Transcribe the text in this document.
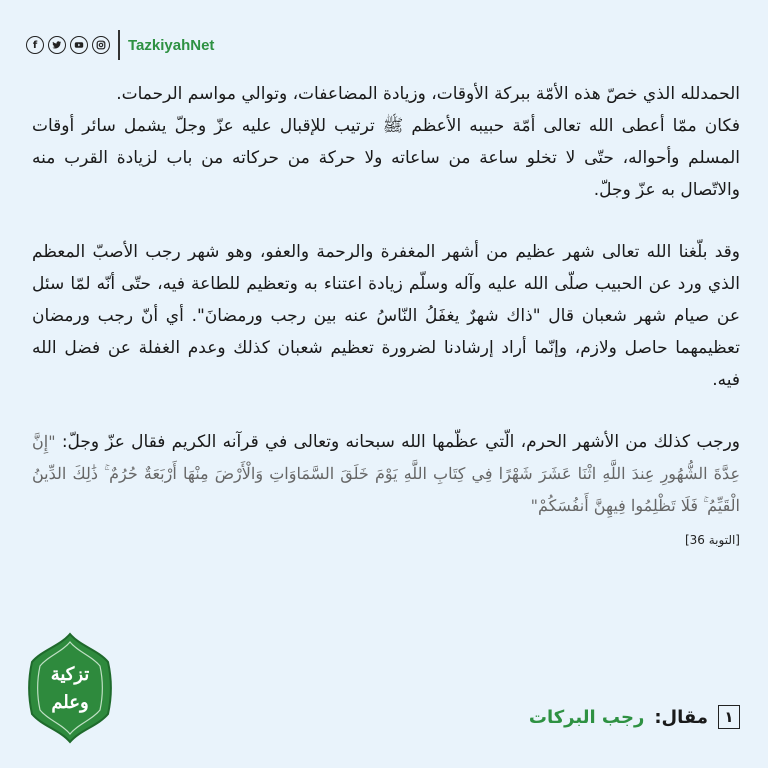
f	TazkiyahNet

الحمدلله الذي خصّ هذه الأمّة ببركة الأوقات، وزيادة المضاعفات، وتوالي مواسم الرحمات.

فكان ممّا أعطى الله تعالى أمّة حبيبه الأعظم ﷺ ترتيب للإقبال عليه عزّ وجلّ يشمل سائر أوقات المسلم وأحواله، حتّى لا تخلو ساعة من ساعاته ولا حركة من حركاته من باب لزيادة القرب منه والاتّصال به عزّ وجلّ.

وقد بلّغنا الله تعالى شهر عظيم من أشهر المغفرة والرحمة والعفو، وهو شهر رجب الأصبّ المعظم الذي ورد عن الحبيب صلّى الله عليه وآله وسلّم زيادة اعتناء به وتعظيم للطاعة فيه، حتّى أنّه لمّا سئل عن صيام شهر شعبان قال "ذاك شهرٌ يغفَلُ النّاسُ عنه بين رجب ورمضانَ". أي أنّ رجب ورمضان تعظيمهما حاصل ولازم، وإنّما أراد إرشادنا لضرورة تعظيم شعبان كذلك وعدم الغفلة عن فضل الله فيه.

ورجب كذلك من الأشهر الحرم، الّتي عظّمها الله سبحانه وتعالى في قرآنه الكريم فقال عزّ وجلّ: "إِنَّ عِدَّةَ الشُّهُورِ عِندَ اللَّهِ اثْنَا عَشَرَ شَهْرًا فِي كِتَابِ اللَّهِ يَوْمَ خَلَقَ السَّمَاوَاتِ وَالْأَرْضَ مِنْهَا أَرْبَعَةٌ حُرُمٌ ۚ ذَٰلِكَ الدِّينُ الْقَيِّمُ ۚ فَلَا تَظْلِمُوا فِيهِنَّ أَنفُسَكُمْ"

[التوبة 36]
تزكية
وعلم
١
مقال:
رجب البركات
